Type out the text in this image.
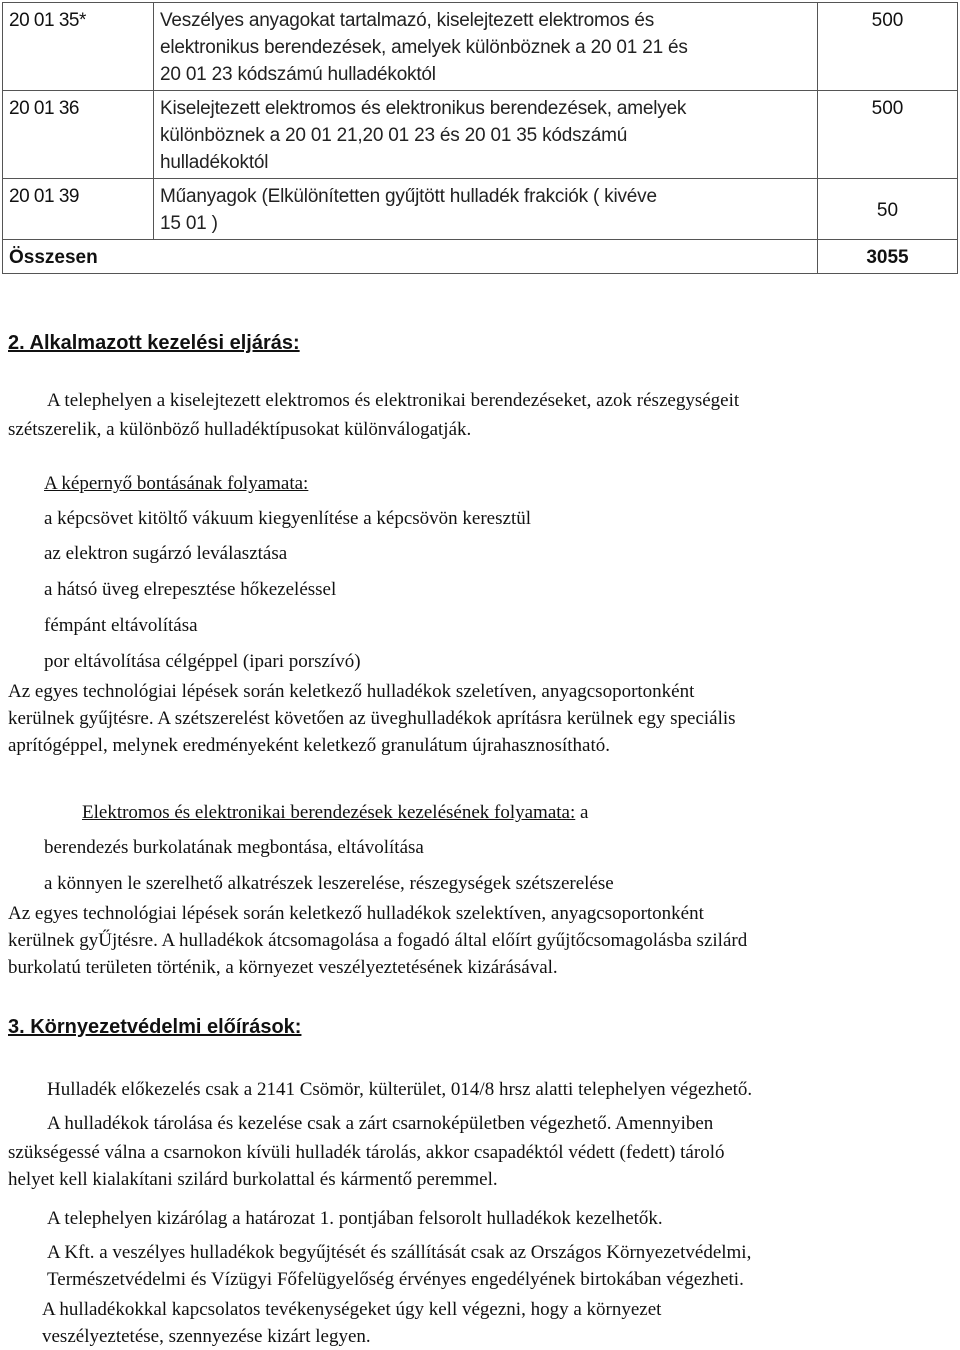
20 01 35*	Veszélyes anyagokat tartalmazó, kiselejtezett elektromos és
elektronikus berendezések, amelyek különböznek a 20 01 21 és
20 01 23 kódszámú hulladékoktól	500
20 01 36	Kiselejtezett elektromos és elektronikus berendezések, amelyek
különböznek a 20 01 21,20 01 23 és 20 01 35 kódszámú
hulladékoktól	500
20 01 39	Műanyagok (Elkülönítetten gyűjtött hulladék frakciók ( kivéve
15 01 )	50
Összesen		3055
2. Alkalmazott kezelési eljárás:
A telephelyen a kiselejtezett elektromos és elektronikai berendezéseket, azok részegységeit
szétszerelik, a különböző hulladéktípusokat különválogatják.
A képernyő bontásának folyamata:
a képcsövet kitöltő vákuum kiegyenlítése a képcsövön keresztül
az elektron sugárzó leválasztása
a hátsó üveg elrepesztése hőkezeléssel
fémpánt eltávolítása
por eltávolítása célgéppel (ipari porszívó)
Az egyes technológiai lépések során keletkező hulladékok szeletíven, anyagcsoportonként
kerülnek gyűjtésre. A szétszerelést követően az üveghulladékok aprításra kerülnek egy speciális
aprítógéppel, melynek eredményeként keletkező granulátum újrahasznosítható.
Elektromos és elektronikai berendezések kezelésének folyamata: a
berendezés burkolatának megbontása, eltávolítása
a könnyen le szerelhető alkatrészek leszerelése, részegységek szétszerelése
Az egyes technológiai lépések során keletkező hulladékok szelektíven, anyagcsoportonként
kerülnek gyŰjtésre. A hulladékok átcsomagolása a fogadó által előírt gyűjtőcsomagolásba szilárd
burkolatú területen történik, a környezet veszélyeztetésének kizárásával.
3. Környezetvédelmi előírások:
Hulladék előkezelés csak a 2141 Csömör, külterület, 014/8 hrsz alatti telephelyen végezhető.
A hulladékok tárolása és kezelése csak a zárt csarnoképületben végezhető. Amennyiben
szükségessé válna a csarnokon kívüli hulladék tárolás, akkor csapadéktól védett (fedett) tároló
helyet kell kialakítani szilárd burkolattal és kármentő peremmel.
A telephelyen kizárólag a határozat 1. pontjában felsorolt hulladékok kezelhetők.
A Kft. a veszélyes hulladékok begyűjtését és szállítását csak az Országos Környezetvédelmi,
Természetvédelmi és Vízügyi Főfelügyelőség érvényes engedélyének birtokában végezheti.
A hulladékokkal kapcsolatos tevékenységeket úgy kell végezni, hogy a környezet
veszélyeztetése, szennyezése kizárt legyen.
